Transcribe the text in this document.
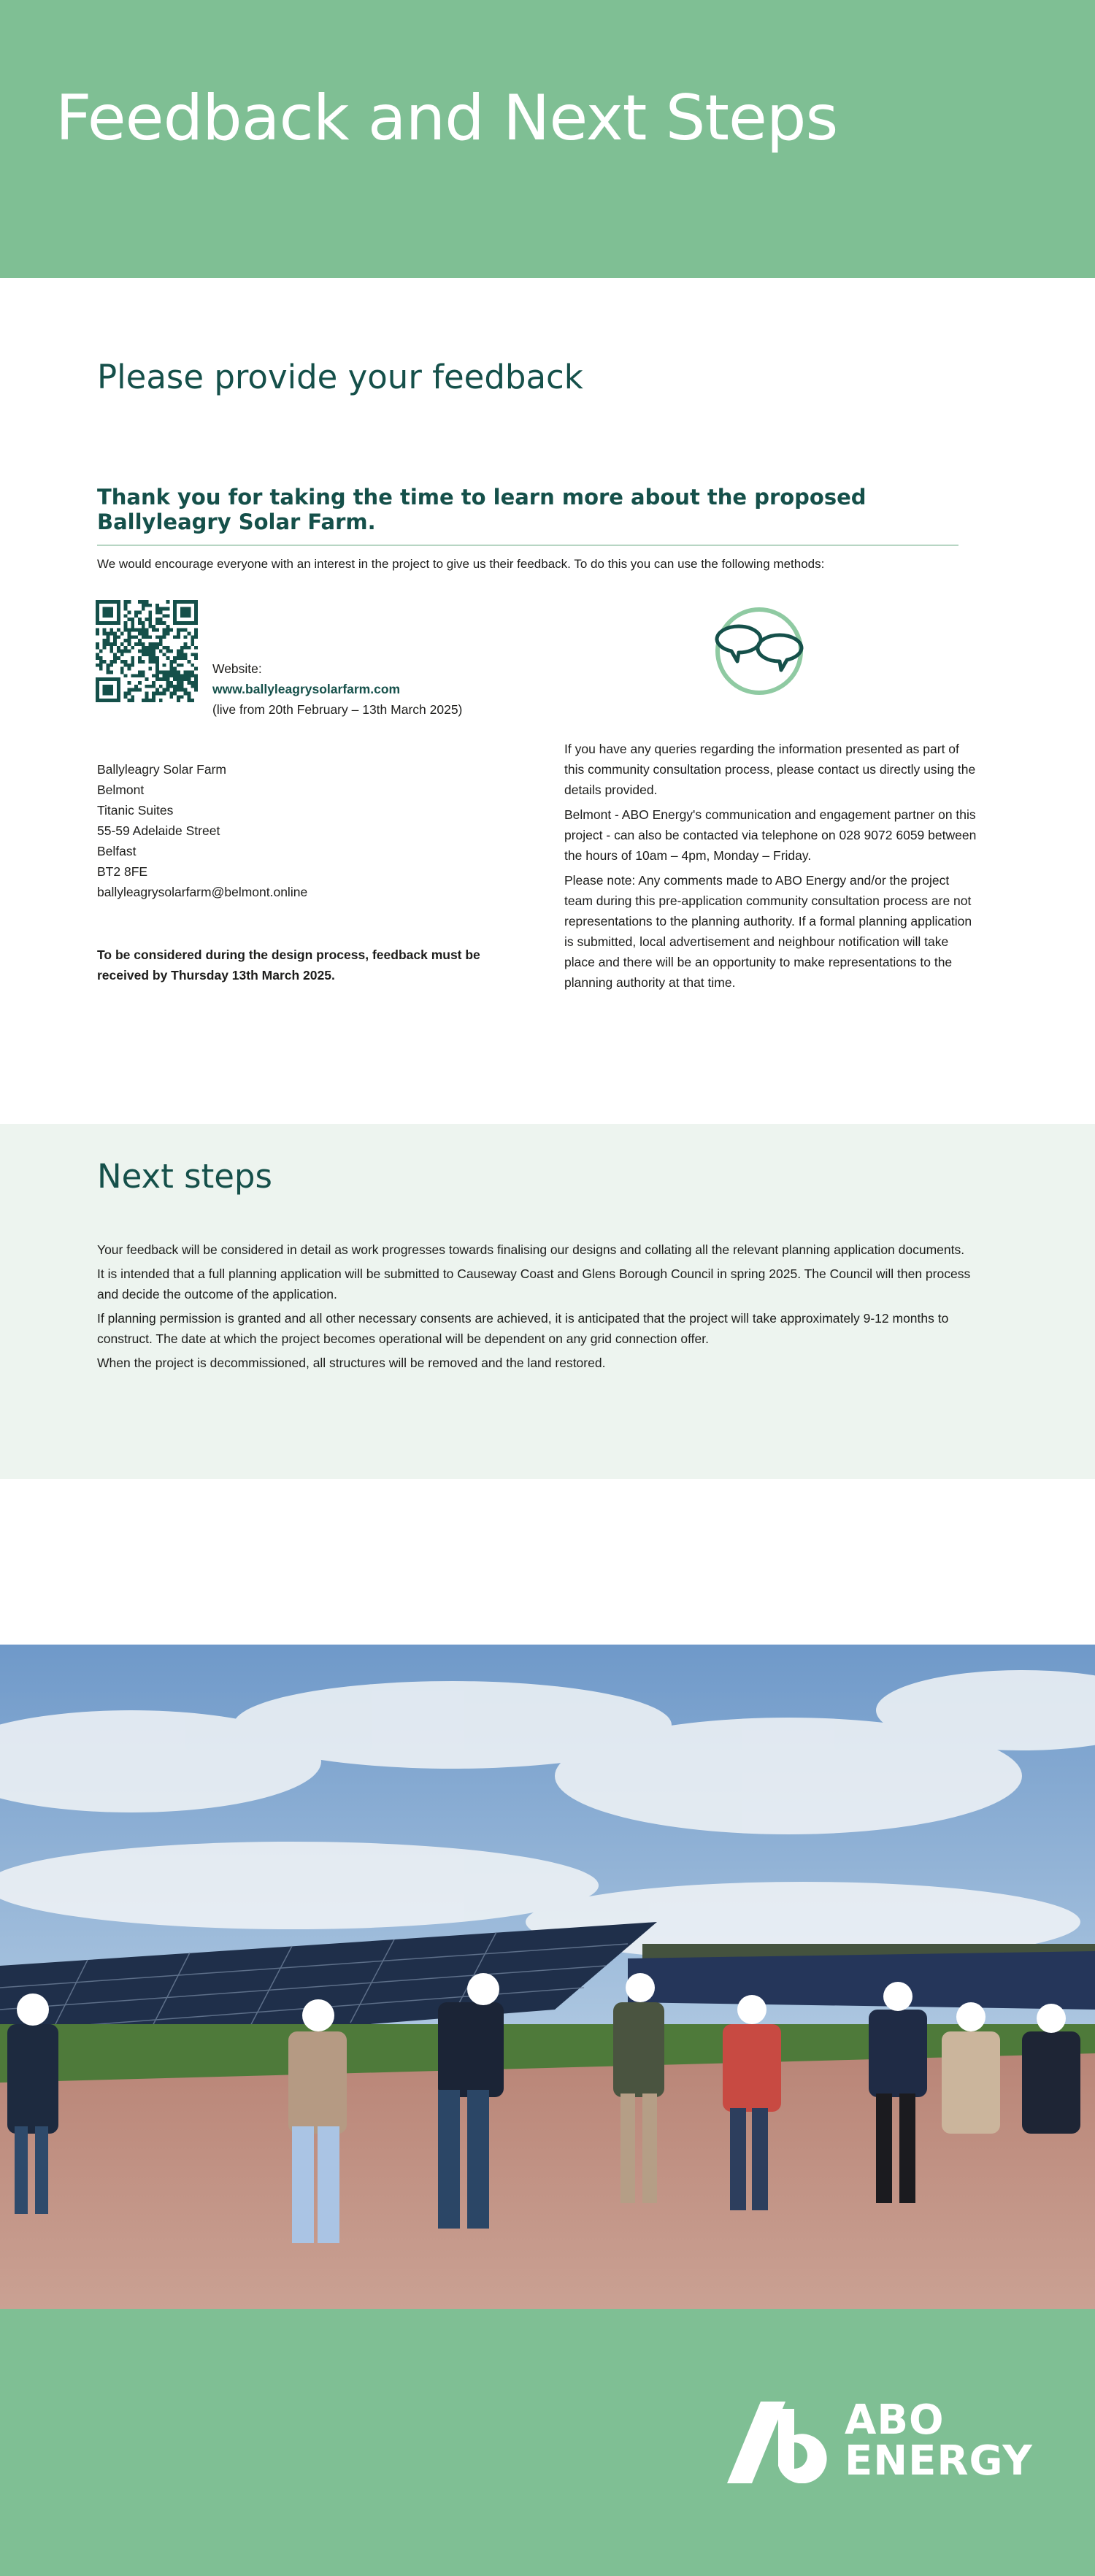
Feedback and Next Steps
Please provide your feedback
Thank you for taking the time to learn more about the proposed Ballyleagry Solar Farm.

We would encourage everyone with an interest in the project to give us their feedback. To do this you can use the following methods:

Website:
www.ballyleagrysolarfarm.com
(live from 20th February – 13th March 2025)
Ballyleagry Solar Farm
Belmont
Titanic Suites
55-59 Adelaide Street
Belfast
BT2 8FE
ballyleagrysolarfarm@belmont.online

To be considered during the design process, feedback must be received by Thursday 13th March 2025.

If you have any queries regarding the information presented as part of this community consultation process, please contact us directly using the details provided.

Belmont - ABO Energy's communication and engagement partner on this project - can also be contacted via telephone on 028 9072 6059 between the hours of 10am – 4pm, Monday – Friday.

Please note: Any comments made to ABO Energy and/or the project team during this pre-application community consultation process are not representations to the planning authority. If a formal planning application is submitted, local advertisement and neighbour notification will take place and there will be an opportunity to make representations to the planning authority at that time.

Next steps

Your feedback will be considered in detail as work progresses towards finalising our designs and collating all the relevant planning application documents.

It is intended that a full planning application will be submitted to Causeway Coast and Glens Borough Council in spring 2025. The Council will then process and decide the outcome of the application.

If planning permission is granted and all other necessary consents are achieved, it is anticipated that the project will take approximately 9-12 months to construct. The date at which the project becomes operational will be dependent on any grid connection offer.

When the project is decommissioned, all structures will be removed and the land restored.

ABO
ENERGY
